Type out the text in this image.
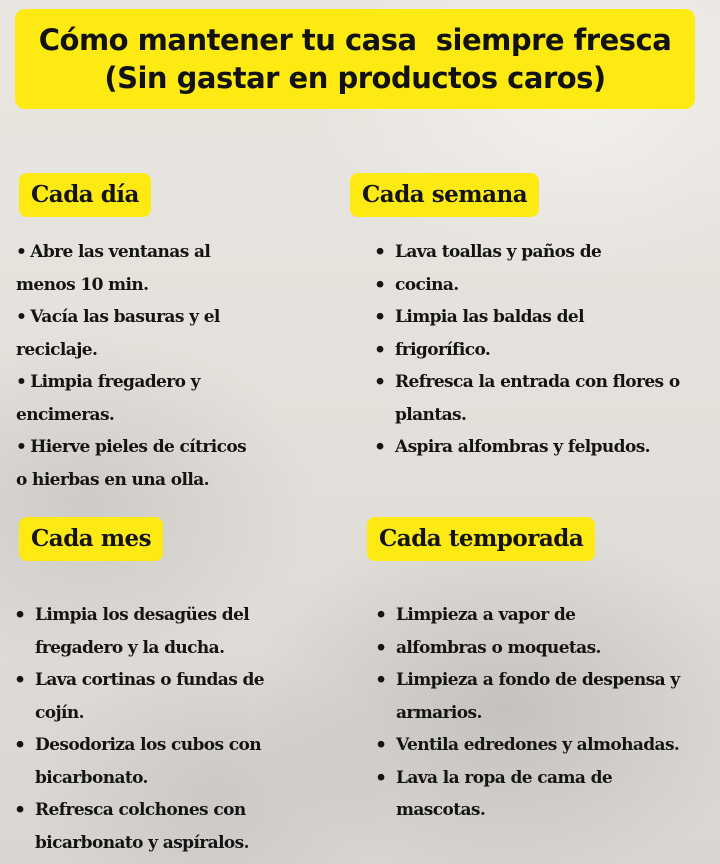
Cómo mantener tu casa  siempre fresca
(Sin gastar en productos caros)
Cada día
• Abre las ventanas al
menos 10 min.
• Vacía las basuras y el
reciclaje.
• Limpia fregadero y
encimeras.
• Hierve pieles de cítricos
o hierbas en una olla.
Cada semana
• Lava toallas y paños de
• cocina.
• Limpia las baldas del
• frigorífico.
• Refresca la entrada con flores o
plantas.
• Aspira alfombras y felpudos.
Cada mes
• Limpia los desagües del
fregadero y la ducha.
• Lava cortinas o fundas de
cojín.
• Desodoriza los cubos con
bicarbonato.
• Refresca colchones con
bicarbonato y aspíralos.
Cada temporada
• Limpieza a vapor de
• alfombras o moquetas.
• Limpieza a fondo de despensa y
armarios.
• Ventila edredones y almohadas.
• Lava la ropa de cama de
mascotas.
